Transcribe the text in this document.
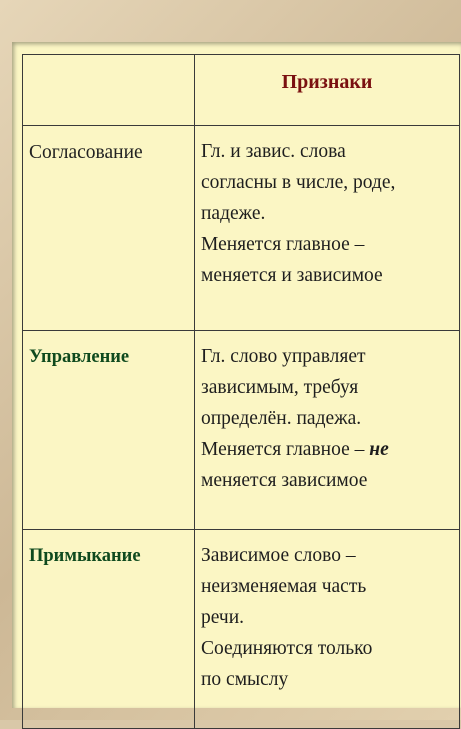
	Признаки
Согласование	Гл. и завис. слова

согласны в числе, роде,

падеже.

Меняется главное –

меняется и зависимое

Управление	Гл. слово управляет

зависимым, требуя

определён. падежа.

Меняется главное – не

меняется зависимое

Примыкание	Зависимое слово –

неизменяемая часть

речи.

Соединяются только

по смыслу
